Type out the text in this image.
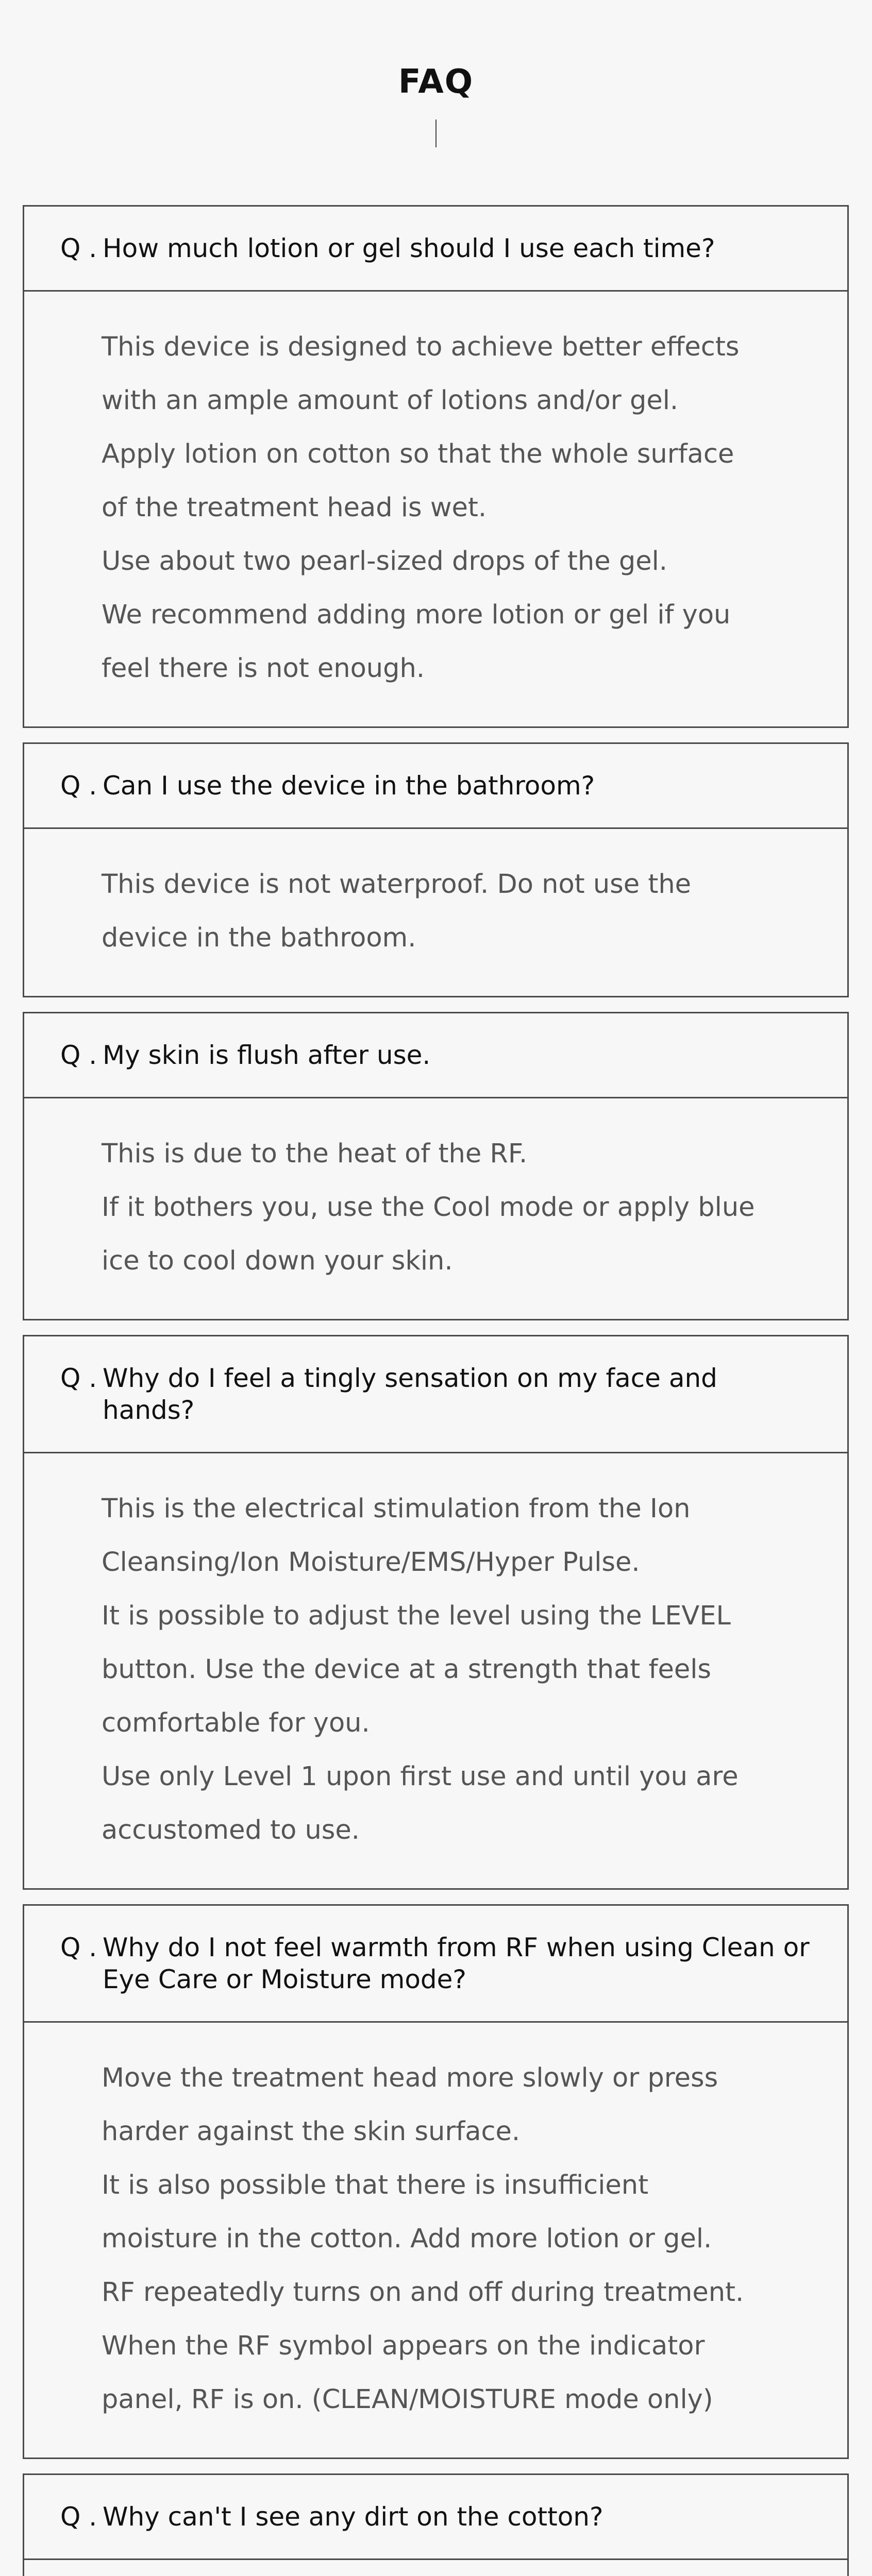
FAQ
Q . How much lotion or gel should I use each time?

This device is designed to achieve better effects

with an ample amount of lotions and/or gel.

Apply lotion on cotton so that the whole surface

of the treatment head is wet.

Use about two pearl-sized drops of the gel.

We recommend adding more lotion or gel if you

feel there is not enough.

Q . Can I use the device in the bathroom?

This device is not waterproof. Do not use the

device in the bathroom.

Q . My skin is flush after use.

This is due to the heat of the RF.

If it bothers you, use the Cool mode or apply blue

ice to cool down your skin.

Q . Why do I feel a tingly sensation on my face and hands?

This is the electrical stimulation from the Ion

Cleansing/Ion Moisture/EMS/Hyper Pulse.

It is possible to adjust the level using the LEVEL

button. Use the device at a strength that feels

comfortable for you.

Use only Level 1 upon first use and until you are

accustomed to use.

Q . Why do I not feel warmth from RF when using Clean or Eye Care or Moisture mode?

Move the treatment head more slowly or press

harder against the skin surface.

It is also possible that there is insufficient

moisture in the cotton. Add more lotion or gel.

RF repeatedly turns on and off during treatment.

When the RF symbol appears on the indicator

panel, RF is on. (CLEAN/MOISTURE mode only)

Q . Why can't I see any dirt on the cotton?
